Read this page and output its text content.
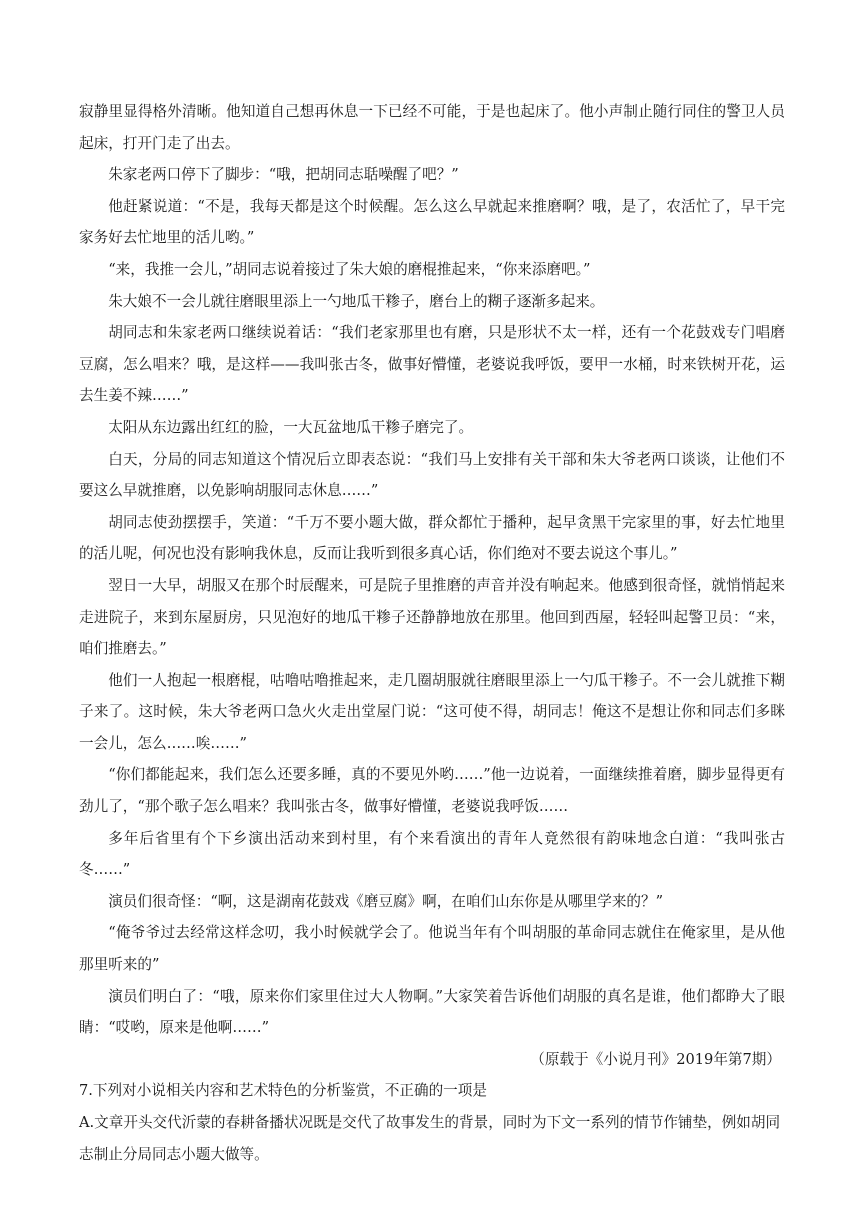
寂静里显得格外清晰。他知道自己想再休息一下已经不可能，于是也起床了。他小声制止随行同住的警卫人员起床，打开门走了出去。

朱家老两口停下了脚步：“哦，把胡同志聒噪醒了吧？”

他赶紧说道：“不是，我每天都是这个时候醒。怎么这么早就起来推磨啊？哦，是了，农活忙了，早干完家务好去忙地里的活儿哟。”

“来，我推一会儿，”胡同志说着接过了朱大娘的磨棍推起来，“你来添磨吧。”

朱大娘不一会儿就往磨眼里添上一勺地瓜干糁子，磨台上的糊子逐渐多起来。

胡同志和朱家老两口继续说着话：“我们老家那里也有磨，只是形状不太一样，还有一个花鼓戏专门唱磨豆腐，怎么唱来？哦，是这样——我叫张古冬，做事好懵懂，老婆说我呼饭，要甲一水桶，时来铁树开花，运去生姜不辣……”

太阳从东边露出红红的脸，一大瓦盆地瓜干糁子磨完了。

白天，分局的同志知道这个情况后立即表态说：“我们马上安排有关干部和朱大爷老两口谈谈，让他们不要这么早就推磨，以免影响胡服同志休息……”

胡同志使劲摆摆手，笑道：“千万不要小题大做，群众都忙于播种，起早贪黑干完家里的事，好去忙地里的活儿呢，何况也没有影响我休息，反而让我听到很多真心话，你们绝对不要去说这个事儿。”

翌日一大早，胡服又在那个时辰醒来，可是院子里推磨的声音并没有响起来。他感到很奇怪，就悄悄起来走进院子，来到东屋厨房，只见泡好的地瓜干糁子还静静地放在那里。他回到西屋，轻轻叫起警卫员：“来，咱们推磨去。”

他们一人抱起一根磨棍，咕噜咕噜推起来，走几圈胡服就往磨眼里添上一勺瓜干糁子。不一会儿就推下糊子来了。这时候，朱大爷老两口急火火走出堂屋门说：“这可使不得，胡同志！俺这不是想让你和同志们多眯一会儿，怎么……唉……”

“你们都能起来，我们怎么还要多睡，真的不要见外哟……”他一边说着，一面继续推着磨，脚步显得更有劲儿了，“那个歌子怎么唱来？我叫张古冬，做事好懵懂，老婆说我呼饭……

多年后省里有个下乡演出活动来到村里，有个来看演出的青年人竟然很有韵味地念白道：“我叫张古冬……”

演员们很奇怪：“啊，这是湖南花鼓戏《磨豆腐》啊，在咱们山东你是从哪里学来的？”

“俺爷爷过去经常这样念叨，我小时候就学会了。他说当年有个叫胡服的革命同志就住在俺家里，是从他那里听来的”

演员们明白了：“哦，原来你们家里住过大人物啊。”大家笑着告诉他们胡服的真名是谁，他们都睁大了眼睛：“哎哟，原来是他啊……”

（原载于《小说月刊》2019年第7期）

7.下列对小说相关内容和艺术特色的分析鉴赏，不正确的一项是

A.文章开头交代沂蒙的春耕备播状况既是交代了故事发生的背景，同时为下文一系列的情节作铺垫，例如胡同志制止分局同志小题大做等。
